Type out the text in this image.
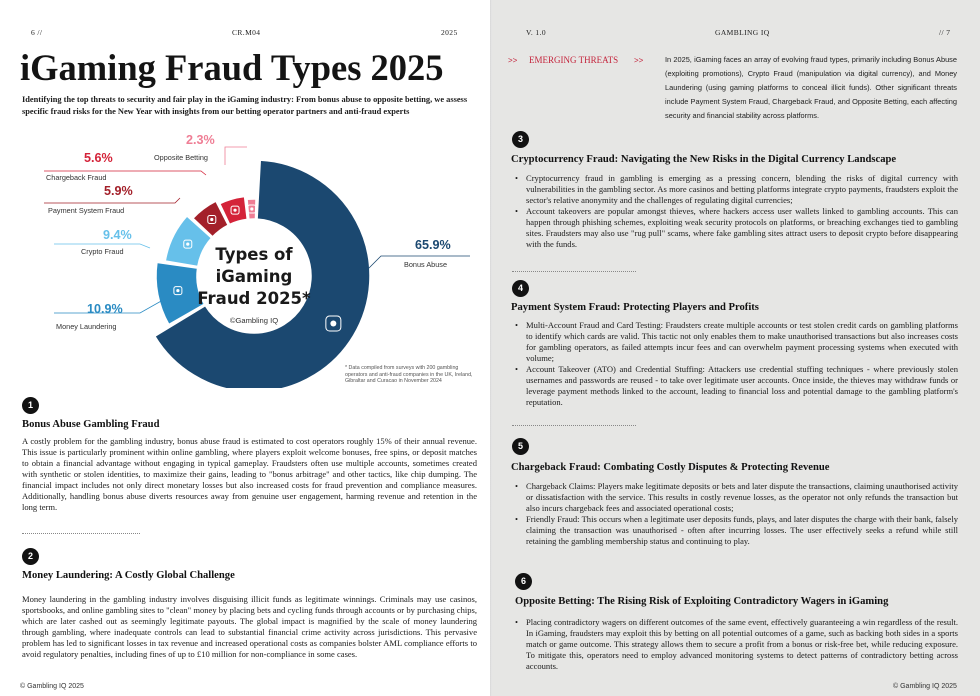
6 //	CR.M04	2025
iGaming Fraud Types 2025
Identifying the top threats to security and fair play in the iGaming industry: From bonus abuse to opposite betting, we assess specific fraud risks for the New Year with insights from our betting operator partners and anti-fraud experts
Types of iGaming Fraud 2025*
©Gambling IQ
65.9%
Bonus Abuse
10.9%
Money Laundering
9.4%
Crypto Fraud
5.9%
Payment System Fraud
5.6%
Chargeback Fraud
2.3%
Opposite Betting
* Data compiled from surveys with 200 gambling operators and anti-fraud companies in the UK, Ireland, Gibraltar and Curacao in November 2024
1
Bonus Abuse Gambling Fraud
A costly problem for the gambling industry, bonus abuse fraud is estimated to cost operators roughly 15% of their annual revenue. This issue is particularly prominent within online gambling, where players exploit welcome bonuses, free spins, or deposit matches to obtain a financial advantage without engaging in typical gameplay. Fraudsters often use multiple accounts, sometimes created with synthetic or stolen identities, to maximize their gains, leading to "bonus arbitrage" and other tactics, like chip dumping. The financial impact includes not only direct monetary losses but also increased costs for fraud prevention and compliance measures. Additionally, handling bonus abuse diverts resources away from genuine user engagement, harming revenue and retention in the long term.
2
Money Laundering: A Costly Global Challenge
Money laundering in the gambling industry involves disguising illicit funds as legitimate winnings. Criminals may use casinos, sportsbooks, and online gambling sites to "clean" money by placing bets and cycling funds through accounts or by purchasing chips, which are later cashed out as seemingly legitimate payouts. The global impact is magnified by the scale of money laundering through gambling, where inadequate controls can lead to substantial financial crime activity across jurisdictions. This pervasive problem has led to significant losses in tax revenue and increased operational costs as companies bolster AML compliance efforts to avoid regulatory penalties, including fines of up to £10 million for non-compliance in some cases.
© Gambling IQ 2025
V. 1.0	GAMBLING IQ	// 7
>> EMERGING THREATS >>	In 2025, iGaming faces an array of evolving fraud types, primarily including Bonus Abuse (exploiting promotions), Crypto Fraud (manipulation via digital currency), and Money Laundering (using gaming platforms to conceal illicit funds). Other significant threats include Payment System Fraud, Chargeback Fraud, and Opposite Betting, each affecting security and financial stability across platforms.
3
Cryptocurrency Fraud: Navigating the New Risks in the Digital Currency Landscape
• Cryptocurrency fraud in gambling is emerging as a pressing concern, blending the risks of digital currency with vulnerabilities in the gambling sector. As more casinos and betting platforms integrate crypto payments, fraudsters exploit the sector's relative anonymity and the challenges of regulating digital currencies;
• Account takeovers are popular amongst thieves, where hackers access user wallets linked to gambling accounts. This can happen through phishing schemes, exploiting weak security protocols on platforms, or breaching exchanges tied to gambling sites. Fraudsters may also use "rug pull" scams, where fake gambling sites attract users to deposit crypto before disappearing with the funds.
4
Payment System Fraud: Protecting Players and Profits
• Multi-Account Fraud and Card Testing: Fraudsters create multiple accounts or test stolen credit cards on gambling platforms to identify which cards are valid. This tactic not only enables them to make unauthorised transactions but also increases costs for gambling operators, as failed attempts incur fees and can overwhelm payment processing systems when executed with volume;
• Account Takeover (ATO) and Credential Stuffing: Attackers use credential stuffing techniques - where previously stolen usernames and passwords are reused - to take over legitimate user accounts. Once inside, the thieves may withdraw funds or leverage payment methods linked to the account, leading to financial loss and potential damage to the gambling platform's reputation.
5
Chargeback Fraud: Combating Costly Disputes & Protecting Revenue
• Chargeback Claims: Players make legitimate deposits or bets and later dispute the transactions, claiming unauthorised activity or dissatisfaction with the service. This results in costly revenue losses, as the operator not only refunds the transaction but also incurs chargeback fees and associated operational costs;
• Friendly Fraud: This occurs when a legitimate user deposits funds, plays, and later disputes the charge with their bank, falsely claiming the transaction was unauthorised - often after incurring losses. The user effectively seeks a refund while still retaining the gambling membership status and continuing to play.
6
Opposite Betting: The Rising Risk of Exploiting Contradictory Wagers in iGaming
• Placing contradictory wagers on different outcomes of the same event, effectively guaranteeing a win regardless of the result. In iGaming, fraudsters may exploit this by betting on all potential outcomes of a game, such as backing both sides in a sports match or game outcome. This strategy allows them to secure a profit from a bonus or risk-free bet, while reducing exposure. To mitigate this, operators need to employ advanced monitoring systems to detect patterns of contradictory betting across accounts.
© Gambling IQ 2025
